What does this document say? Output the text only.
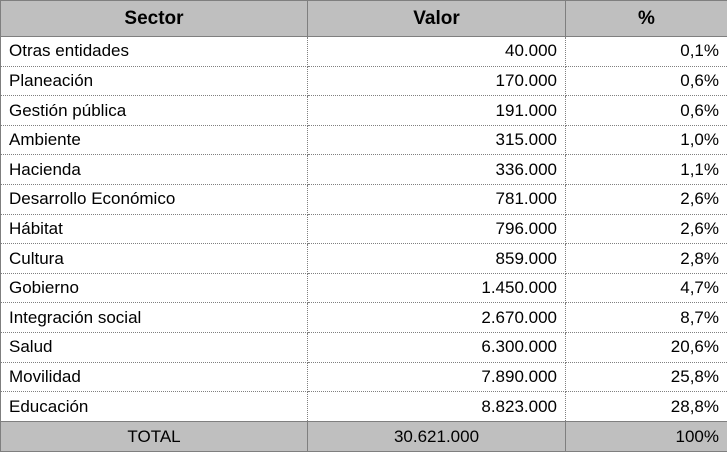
Sector	Valor	%
Otras entidades	40.000	0,1%
Planeación	170.000	0,6%
Gestión pública	191.000	0,6%
Ambiente	315.000	1,0%
Hacienda	336.000	1,1%
Desarrollo Económico	781.000	2,6%
Hábitat	796.000	2,6%
Cultura	859.000	2,8%
Gobierno	1.450.000	4,7%
Integración social	2.670.000	8,7%
Salud	6.300.000	20,6%
Movilidad	7.890.000	25,8%
Educación	8.823.000	28,8%
TOTAL	30.621.000	100%
